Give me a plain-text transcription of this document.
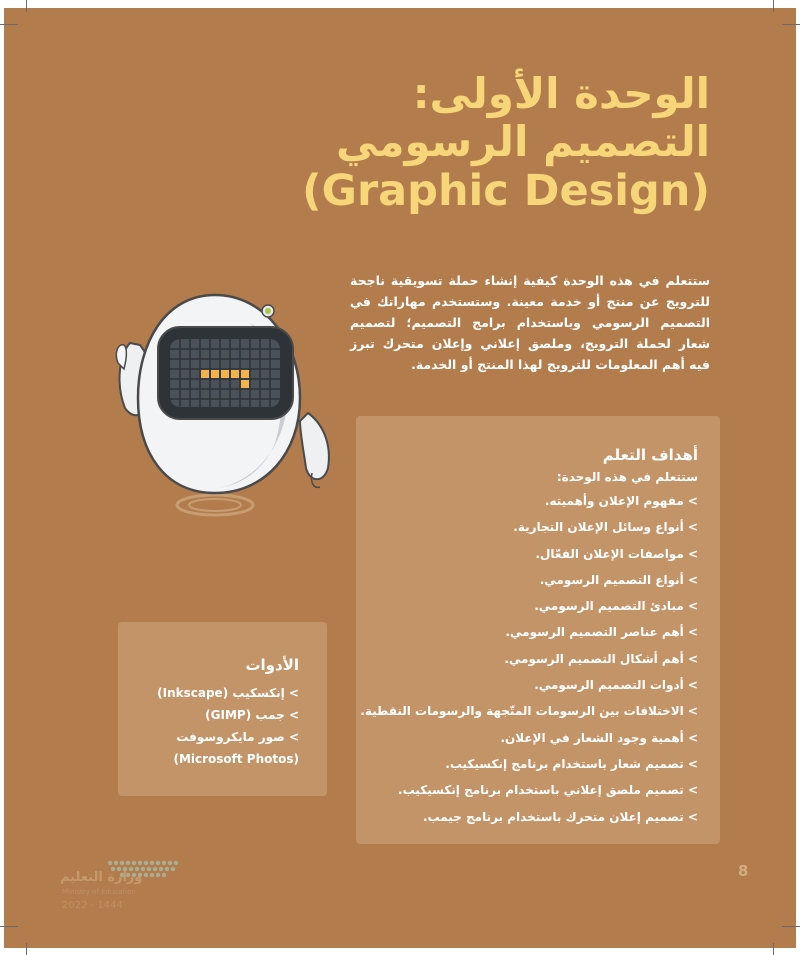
الوحدة الأولى:
التصميم الرسومي
(Graphic Design)
ستتعلم في هذه الوحدة كيفية إنشاء حملة تسويقية ناجحة للترويج عن منتج أو خدمة معينة. وستستخدم مهاراتك في التصميم الرسومي وباستخدام برامج التصميم؛ لتصميم شعار لحملة الترويج، وملصق إعلاني وإعلان متحرك تبرز فيه أهم المعلومات للترويج لهذا المنتج أو الخدمة.
أهداف التعلم
ستتعلم في هذه الوحدة:
> مفهوم الإعلان وأهميته.
> أنواع وسائل الإعلان التجارية.
> مواصفات الإعلان الفعّال.
> أنواع التصميم الرسومي.
> مبادئ التصميم الرسومي.
> أهم عناصر التصميم الرسومي.
> أهم أشكال التصميم الرسومي.
> أدوات التصميم الرسومي.
> الاختلافات بين الرسومات المتّجهة والرسومات النقطية.
> أهمية وجود الشعار في الإعلان.
> تصميم شعار باستخدام برنامج إنكسيكيب.
> تصميم ملصق إعلاني باستخدام برنامج إنكسيكيب.
> تصميم إعلان متحرك باستخدام برنامج جيمب.
الأدوات
> إنكسكيب (Inkscape)
> جمب (GIMP)
> صور مايكروسوفت (Microsoft Photos)
وزارة التعليم
Ministry of Education
2022 - 1444
8
